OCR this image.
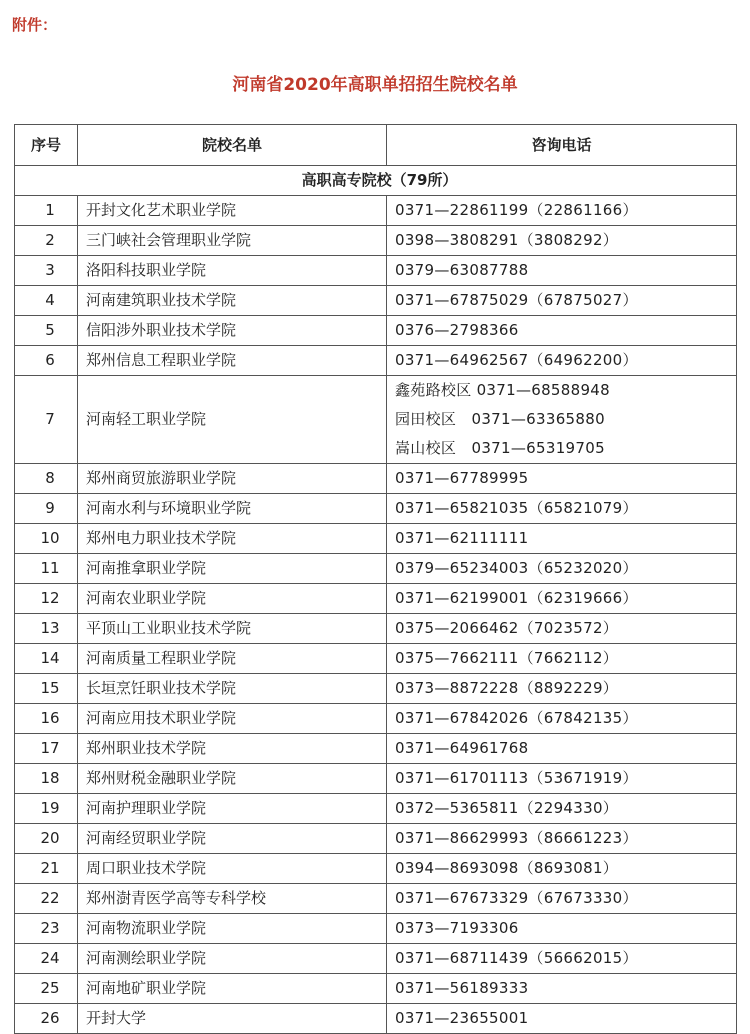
附件：
河南省2020年高职单招招生院校名单
序号	院校名单	咨询电话
高职高专院校（79所）		
1	开封文化艺术职业学院	0371—22861199（22861166）

2	三门峡社会管理职业学院	0398—3808291（3808292）

3	洛阳科技职业学院	0379—63087788

4	河南建筑职业技术学院	0371—67875029（67875027）

5	信阳涉外职业技术学院	0376—2798366

6	郑州信息工程职业学院	0371—64962567（64962200）

7	河南轻工职业学院	鑫苑路校区 0371—68588948
园田校区　0371—63365880
嵩山校区　0371—65319705

8	郑州商贸旅游职业学院	0371—67789995

9	河南水利与环境职业学院	0371—65821035（65821079）

10	郑州电力职业技术学院	0371—62111111

11	河南推拿职业学院	0379—65234003（65232020）

12	河南农业职业学院	0371—62199001（62319666）

13	平顶山工业职业技术学院	0375—2066462（7023572）

14	河南质量工程职业学院	0375—7662111（7662112）

15	长垣烹饪职业技术学院	0373—8872228（8892229）

16	河南应用技术职业学院	0371—67842026（67842135）

17	郑州职业技术学院	0371—64961768

18	郑州财税金融职业学院	0371—61701113（53671919）

19	河南护理职业学院	0372—5365811（2294330）

20	河南经贸职业学院	0371—86629993（86661223）

21	周口职业技术学院	0394—8693098（8693081）

22	郑州澍青医学高等专科学校	0371—67673329（67673330）

23	河南物流职业学院	0373—7193306

24	河南测绘职业学院	0371—68711439（56662015）

25	河南地矿职业学院	0371—56189333

26	开封大学	0371—23655001
